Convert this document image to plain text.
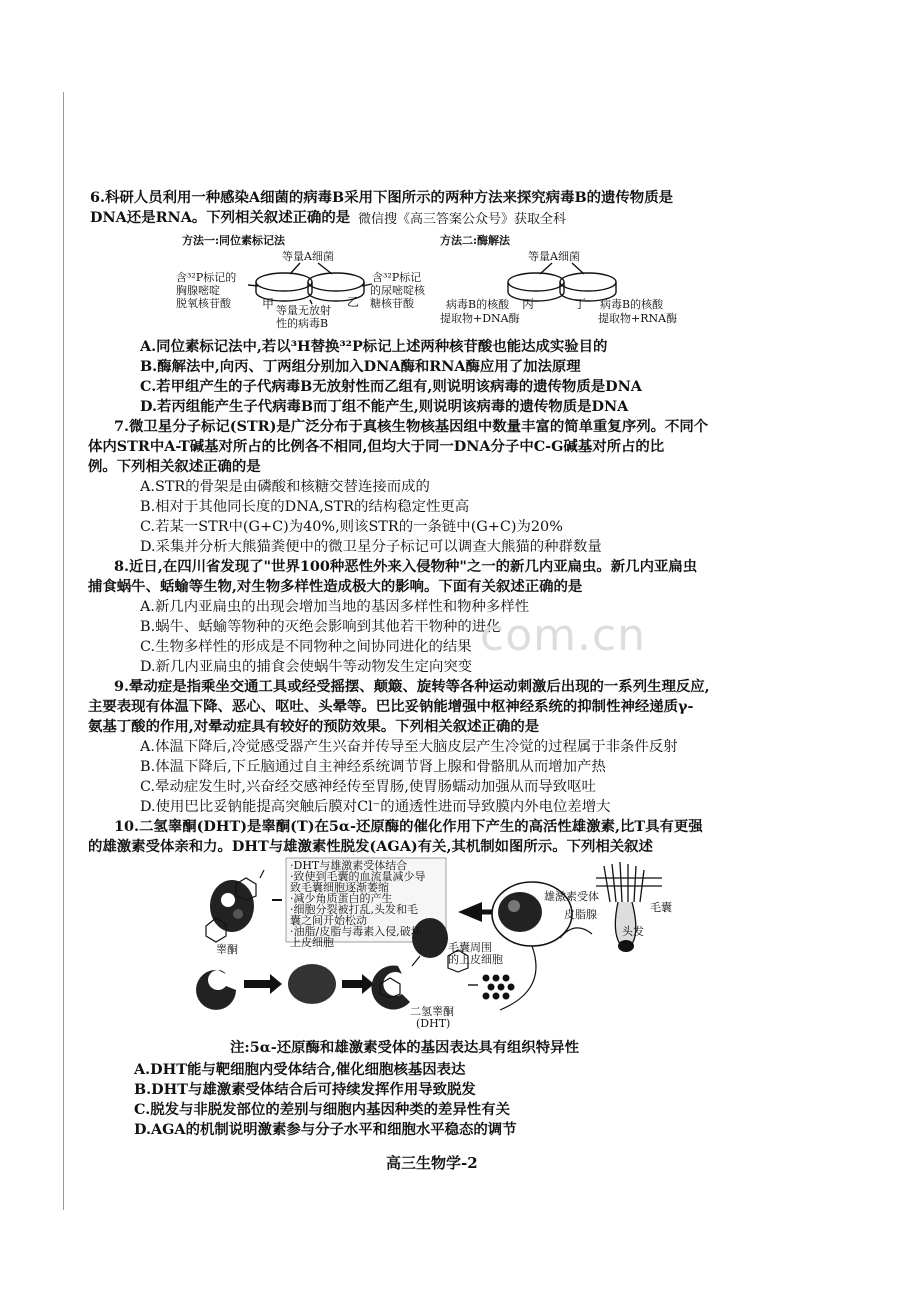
6.科研人员利用一种感染A细菌的病毒B采用下图所示的两种方法来探究病毒B的遗传物质是
DNA还是RNA。下列相关叙述正确的是 微信搜《高三答案公众号》获取全科
方法一:同位素标记法	方法二:酶解法
等量A细菌
含³²P标记的
胸腺嘧啶
脱氧核苷酸	甲	乙
等量无放射
性的病毒B
含³²P标记
的尿嘧啶核
糖核苷酸
等量A细菌
丙	丁
病毒B的核酸
提取物+DNA酶
病毒B的核酸
提取物+RNA酶
A.同位素标记法中,若以³H替换³²P标记上述两种核苷酸也能达成实验目的
B.酶解法中,向丙、丁两组分别加入DNA酶和RNA酶应用了加法原理
C.若甲组产生的子代病毒B无放射性而乙组有,则说明该病毒的遗传物质是DNA
D.若丙组能产生子代病毒B而丁组不能产生,则说明该病毒的遗传物质是DNA
7.微卫星分子标记(STR)是广泛分布于真核生物核基因组中数量丰富的简单重复序列。不同个
体内STR中A-T碱基对所占的比例各不相同,但均大于同一DNA分子中C-G碱基对所占的比
例。下列相关叙述正确的是
A.STR的骨架是由磷酸和核糖交替连接而成的
B.相对于其他同长度的DNA,STR的结构稳定性更高
C.若某一STR中(G+C)为40%,则该STR的一条链中(G+C)为20%
D.采集并分析大熊猫粪便中的微卫星分子标记可以调查大熊猫的种群数量
8.近日,在四川省发现了"世界100种恶性外来入侵物种"之一的新几内亚扁虫。新几内亚扁虫
捕食蜗牛、蛞蝓等生物,对生物多样性造成极大的影响。下面有关叙述正确的是
A.新几内亚扁虫的出现会增加当地的基因多样性和物种多样性
B.蜗牛、蛞蝓等物种的灭绝会影响到其他若干物种的进化
C.生物多样性的形成是不同物种之间协同进化的结果
D.新几内亚扁虫的捕食会使蜗牛等动物发生定向突变
com.cn
9.晕动症是指乘坐交通工具或经受摇摆、颠簸、旋转等各种运动刺激后出现的一系列生理反应,
主要表现有体温下降、恶心、呕吐、头晕等。巴比妥钠能增强中枢神经系统的抑制性神经递质γ-
氨基丁酸的作用,对晕动症具有较好的预防效果。下列相关叙述正确的是
A.体温下降后,冷觉感受器产生兴奋并传导至大脑皮层产生冷觉的过程属于非条件反射
B.体温下降后,下丘脑通过自主神经系统调节肾上腺和骨骼肌从而增加产热
C.晕动症发生时,兴奋经交感神经传至胃肠,使胃肠蠕动加强从而导致呕吐
D.使用巴比妥钠能提高突触后膜对Cl⁻的通透性进而导致膜内外电位差增大
10.二氢睾酮(DHT)是睾酮(T)在5α-还原酶的催化作用下产生的高活性雄激素,比T具有更强
的雄激素受体亲和力。DHT与雄激素性脱发(AGA)有关,其机制如图所示。下列相关叙述
·DHT与雄激素受体结合
·致使到毛囊的血流量减少导
致毛囊细胞逐渐萎缩
·减少角质蛋白的产生
·细胞分裂被打乱,头发和毛
囊之间开始松动
·油脂/皮脂与毒素入侵,破坏
上皮细胞
雄激素受体
皮脂腺
毛囊
头发
睾酮	毛囊周围
的上皮细胞
二氢睾酮
(DHT)
注:5α-还原酶和雄激素受体的基因表达具有组织特异性
A.DHT能与靶细胞内受体结合,催化细胞核基因表达
B.DHT与雄激素受体结合后可持续发挥作用导致脱发
C.脱发与非脱发部位的差别与细胞内基因种类的差异性有关
D.AGA的机制说明激素参与分子水平和细胞水平稳态的调节
高三生物学-2
